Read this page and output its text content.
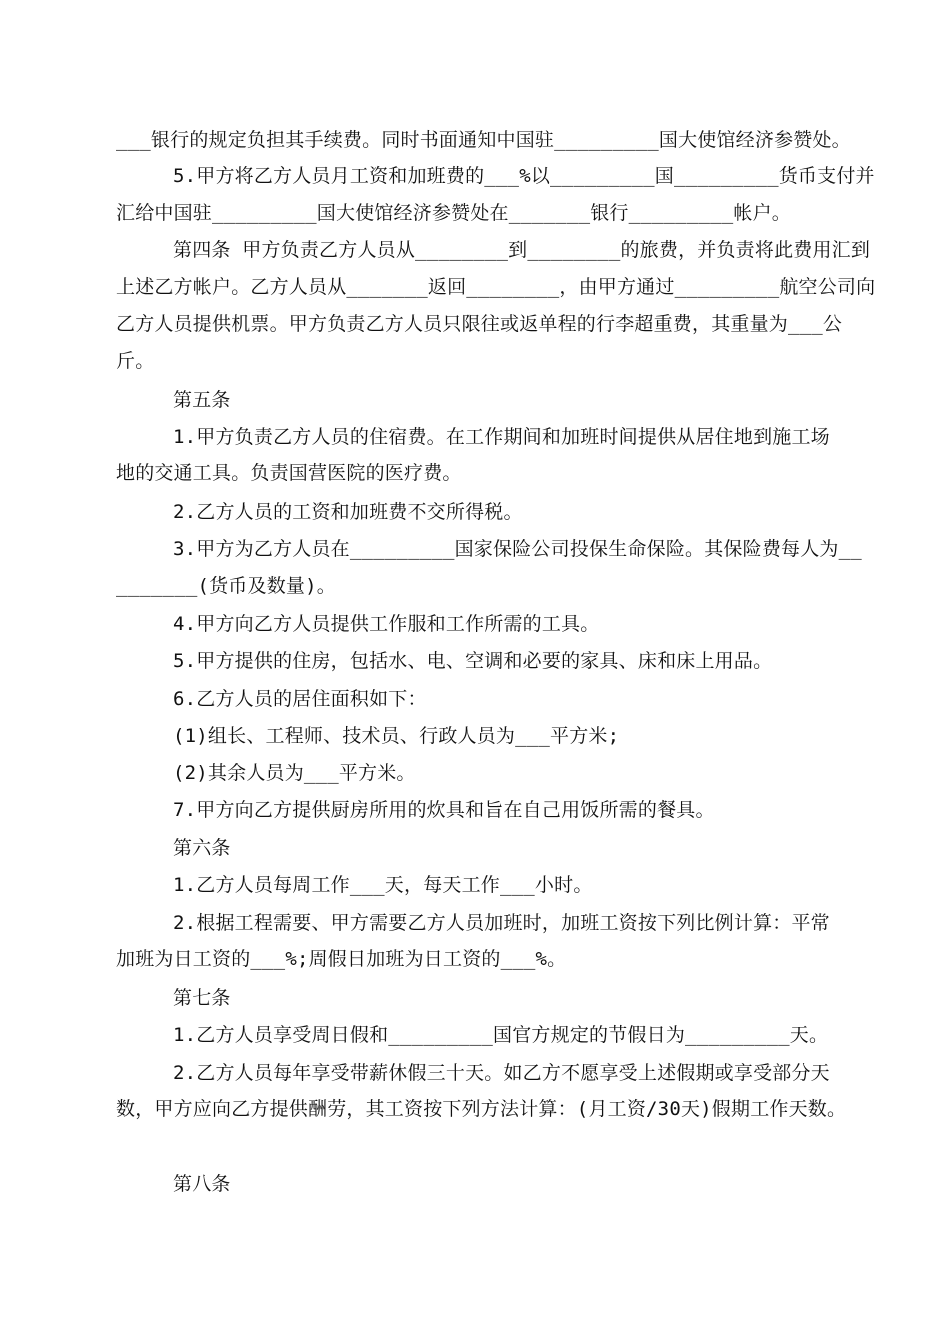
___银行的规定负担其手续费。同时书面通知中国驻_________国大使馆经济参赞处。
5.甲方将乙方人员月工资和加班费的___%以_________国_________货币支付并
汇给中国驻_________国大使馆经济参赞处在_______银行_________帐户。
第四条 甲方负责乙方人员从________到________的旅费，并负责将此费用汇到
上述乙方帐户。乙方人员从_______返回________，由甲方通过_________航空公司向
乙方人员提供机票。甲方负责乙方人员只限往或返单程的行李超重费，其重量为___公
斤。
第五条
1.甲方负责乙方人员的住宿费。在工作期间和加班时间提供从居住地到施工场
地的交通工具。负责国营医院的医疗费。
2.乙方人员的工资和加班费不交所得税。
3.甲方为乙方人员在_________国家保险公司投保生命保险。其保险费每人为__
_______(货币及数量)。
4.甲方向乙方人员提供工作服和工作所需的工具。
5.甲方提供的住房，包括水、电、空调和必要的家具、床和床上用品。
6.乙方人员的居住面积如下：
(1)组长、工程师、技术员、行政人员为___平方米;
(2)其余人员为___平方米。
7.甲方向乙方提供厨房所用的炊具和旨在自己用饭所需的餐具。
第六条
1.乙方人员每周工作___天，每天工作___小时。
2.根据工程需要、甲方需要乙方人员加班时，加班工资按下列比例计算：平常
加班为日工资的___%;周假日加班为日工资的___%。
第七条
1.乙方人员享受周日假和_________国官方规定的节假日为_________天。
2.乙方人员每年享受带薪休假三十天。如乙方不愿享受上述假期或享受部分天
数，甲方应向乙方提供酬劳，其工资按下列方法计算：(月工资/30天)假期工作天数。
第八条
